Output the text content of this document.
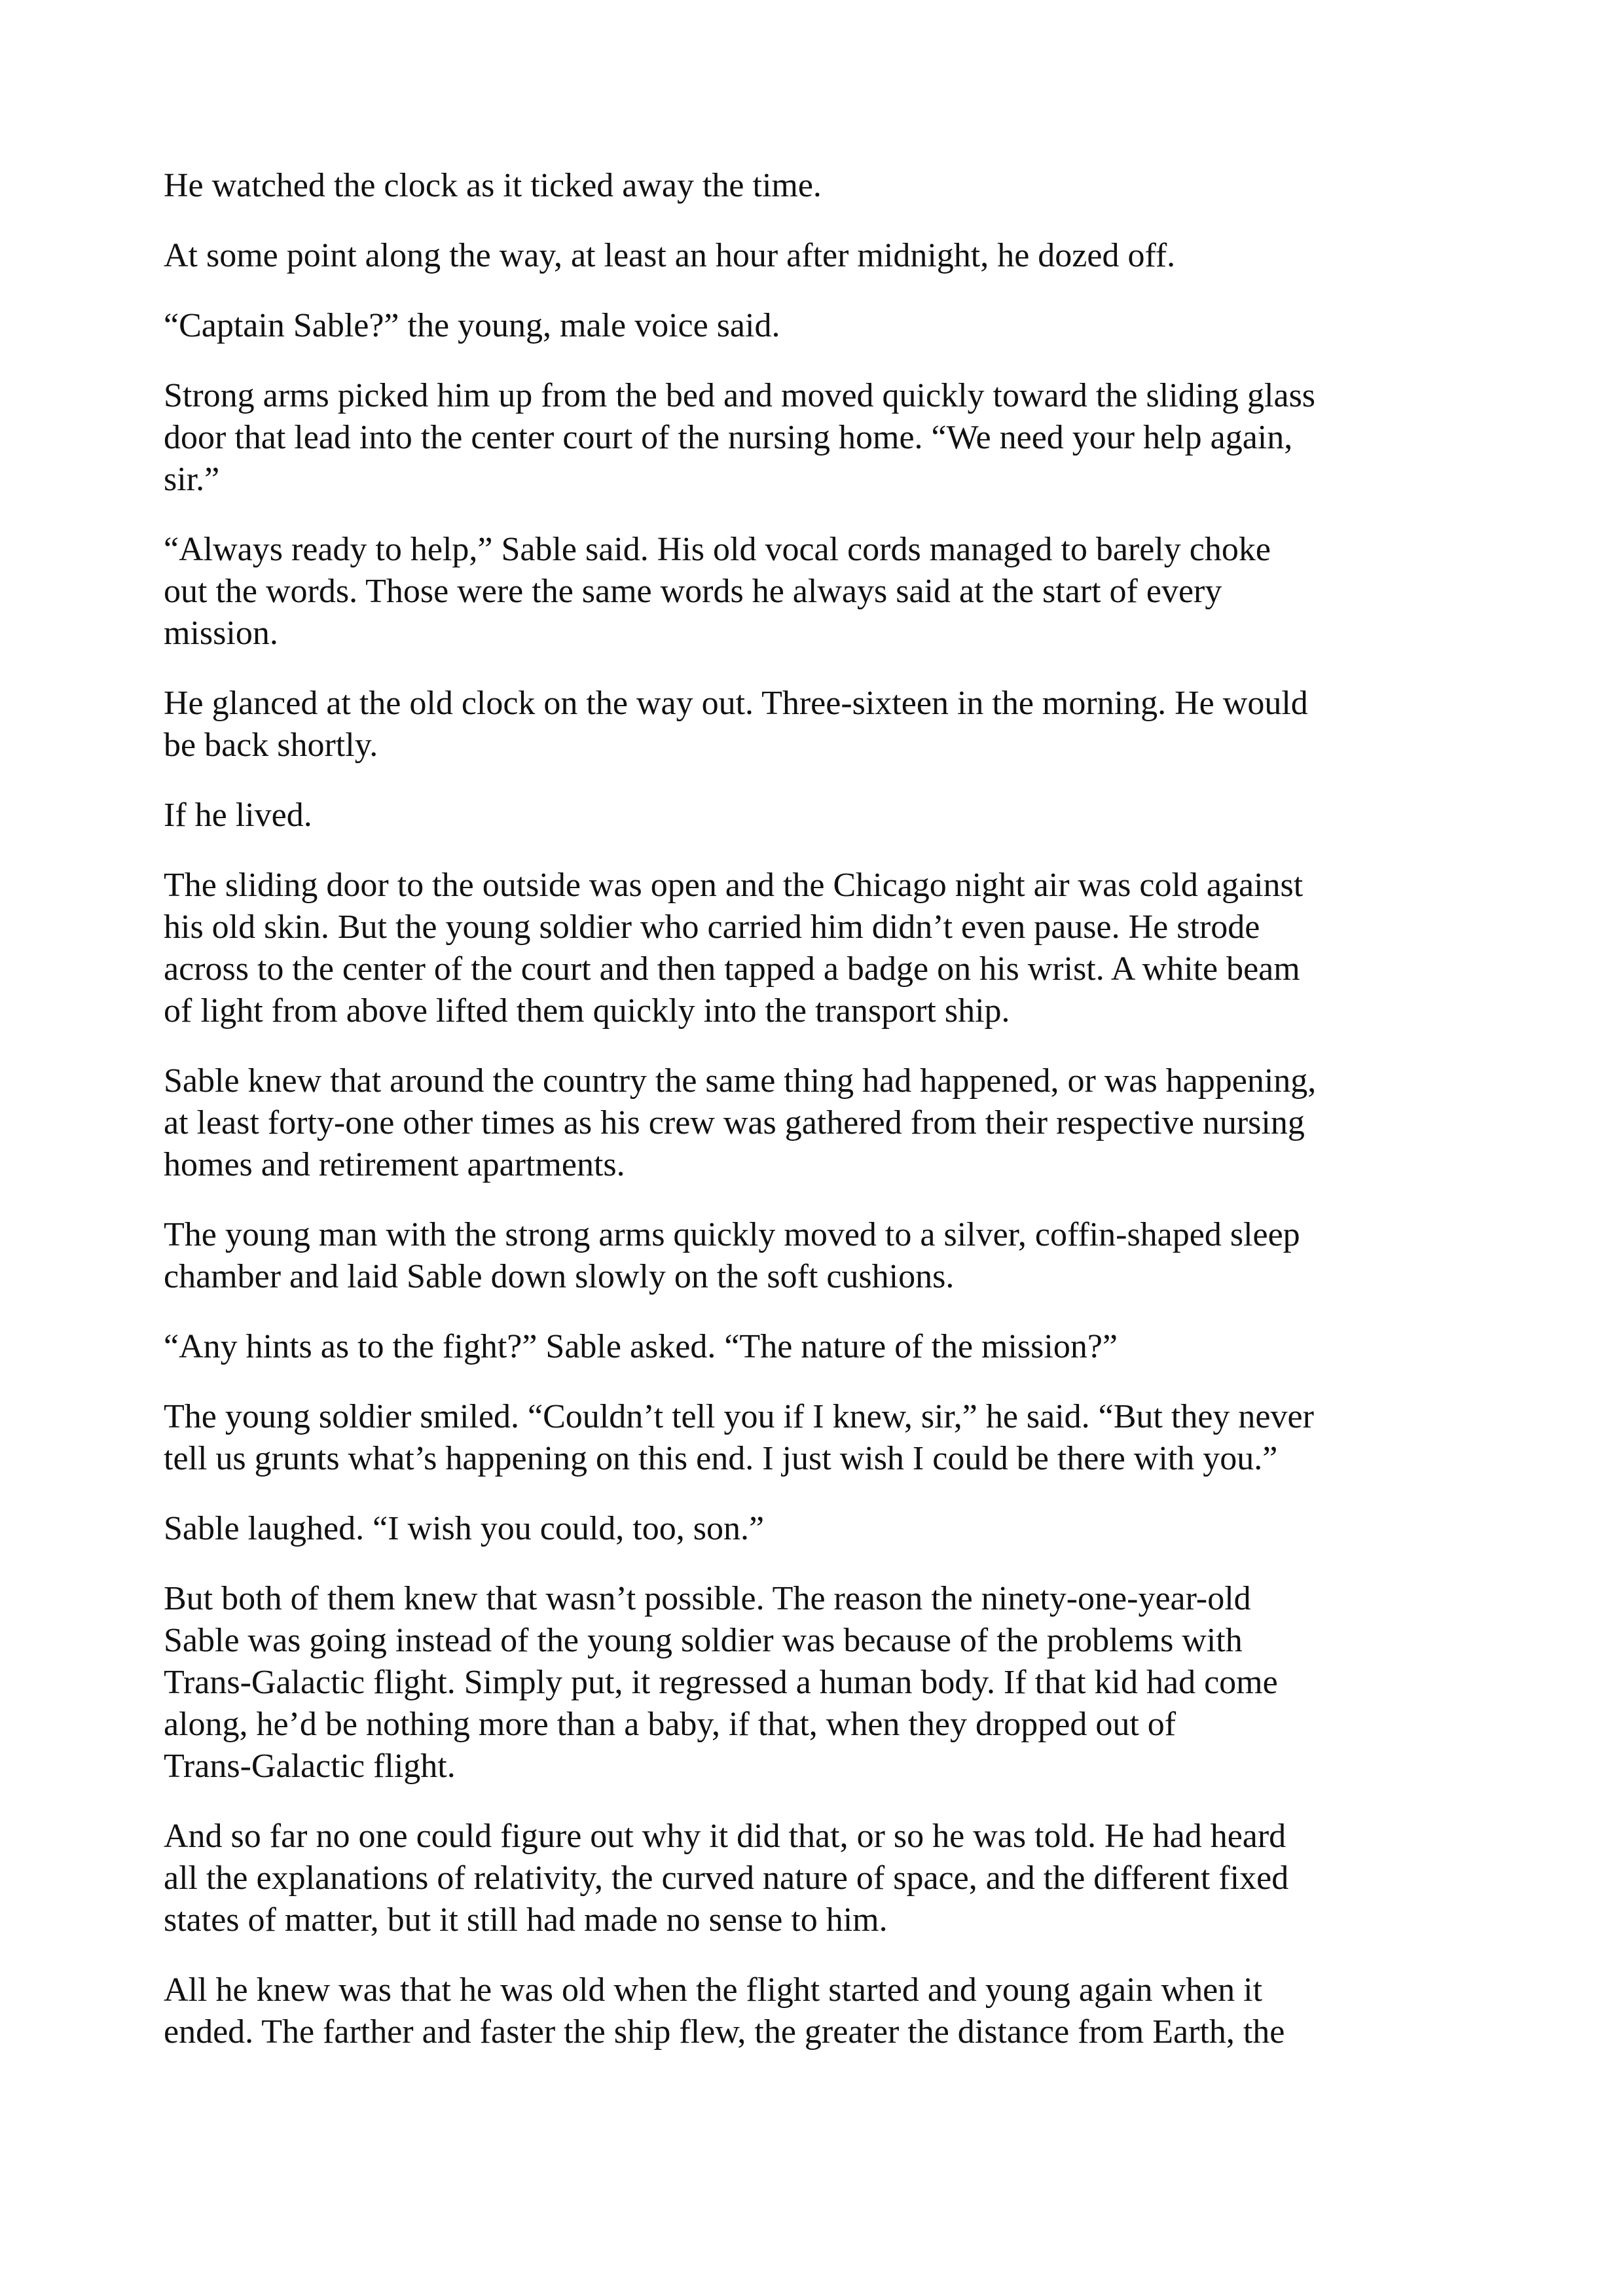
He watched the clock as it ticked away the time.

At some point along the way, at least an hour after midnight, he dozed off.

“Captain Sable?” the young, male voice said.

Strong arms picked him up from the bed and moved quickly toward the sliding glass
door that lead into the center court of the nursing home. “We need your help again,
sir.”

“Always ready to help,” Sable said. His old vocal cords managed to barely choke
out the words. Those were the same words he always said at the start of every
mission.

He glanced at the old clock on the way out. Three-sixteen in the morning. He would
be back shortly.

If he lived.

The sliding door to the outside was open and the Chicago night air was cold against
his old skin. But the young soldier who carried him didn’t even pause. He strode
across to the center of the court and then tapped a badge on his wrist. A white beam
of light from above lifted them quickly into the transport ship.

Sable knew that around the country the same thing had happened, or was happening,
at least forty-one other times as his crew was gathered from their respective nursing
homes and retirement apartments.

The young man with the strong arms quickly moved to a silver, coffin-shaped sleep
chamber and laid Sable down slowly on the soft cushions.

“Any hints as to the fight?” Sable asked. “The nature of the mission?”

The young soldier smiled. “Couldn’t tell you if I knew, sir,” he said. “But they never
tell us grunts what’s happening on this end. I just wish I could be there with you.”

Sable laughed. “I wish you could, too, son.”

But both of them knew that wasn’t possible. The reason the ninety-one-year-old
Sable was going instead of the young soldier was because of the problems with
Trans-Galactic flight. Simply put, it regressed a human body. If that kid had come
along, he’d be nothing more than a baby, if that, when they dropped out of
Trans-Galactic flight.

And so far no one could figure out why it did that, or so he was told. He had heard
all the explanations of relativity, the curved nature of space, and the different fixed
states of matter, but it still had made no sense to him.

All he knew was that he was old when the flight started and young again when it
ended. The farther and faster the ship flew, the greater the distance from Earth, the
